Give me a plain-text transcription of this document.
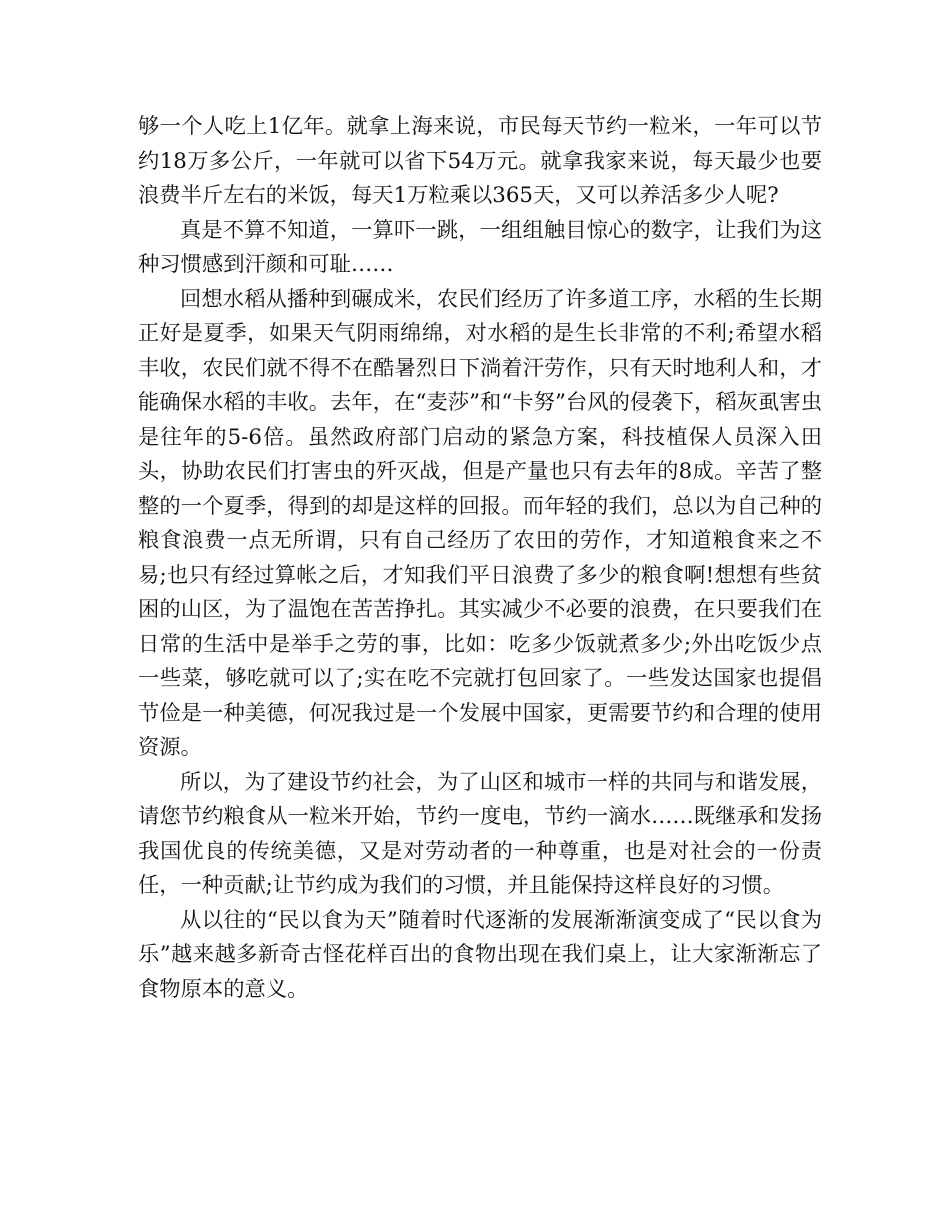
够一个人吃上1亿年。就拿上海来说，市民每天节约一粒米，一年可以节约18万多公斤，一年就可以省下54万元。就拿我家来说，每天最少也要浪费半斤左右的米饭，每天1万粒乘以365天，又可以养活多少人呢?

真是不算不知道，一算吓一跳，一组组触目惊心的数字，让我们为这种习惯感到汗颜和可耻……

回想水稻从播种到碾成米，农民们经历了许多道工序，水稻的生长期正好是夏季，如果天气阴雨绵绵，对水稻的是生长非常的不利;希望水稻丰收，农民们就不得不在酷暑烈日下淌着汗劳作，只有天时地利人和，才能确保水稻的丰收。去年，在“麦莎”和“卡努”台风的侵袭下，稻灰虱害虫是往年的5-6倍。虽然政府部门启动的紧急方案，科技植保人员深入田头，协助农民们打害虫的歼灭战，但是产量也只有去年的8成。辛苦了整整的一个夏季，得到的却是这样的回报。而年轻的我们，总以为自己种的粮食浪费一点无所谓，只有自己经历了农田的劳作，才知道粮食来之不易;也只有经过算帐之后，才知我们平日浪费了多少的粮食啊!想想有些贫困的山区，为了温饱在苦苦挣扎。其实减少不必要的浪费，在只要我们在日常的生活中是举手之劳的事，比如：吃多少饭就煮多少;外出吃饭少点一些菜，够吃就可以了;实在吃不完就打包回家了。一些发达国家也提倡节俭是一种美德，何况我过是一个发展中国家，更需要节约和合理的使用资源。

所以，为了建设节约社会，为了山区和城市一样的共同与和谐发展，请您节约粮食从一粒米开始，节约一度电，节约一滴水……既继承和发扬我国优良的传统美德，又是对劳动者的一种尊重，也是对社会的一份责任，一种贡献;让节约成为我们的习惯，并且能保持这样良好的习惯。

从以往的“民以食为天”随着时代逐渐的发展渐渐演变成了“民以食为乐”越来越多新奇古怪花样百出的食物出现在我们桌上，让大家渐渐忘了食物原本的意义。
